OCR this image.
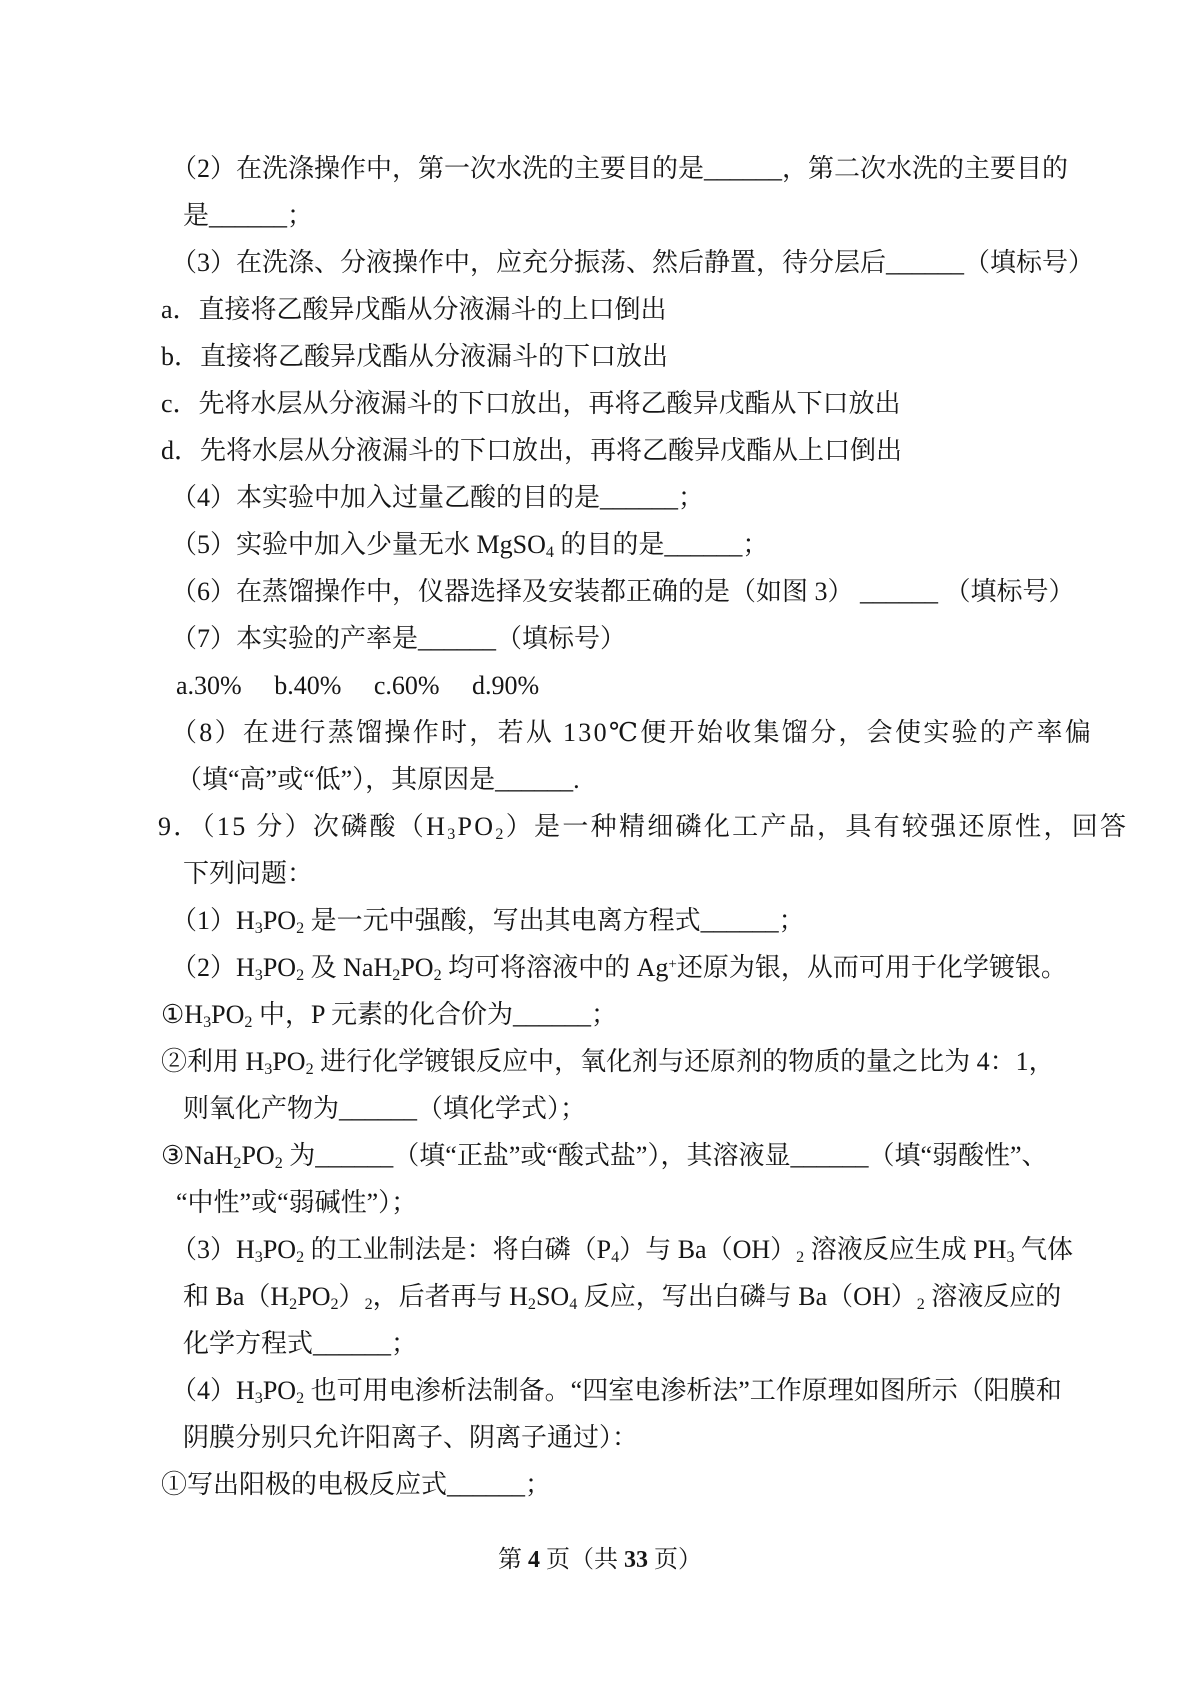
（2）在洗涤操作中，第一次水洗的主要目的是______，第二次水洗的主要目的
是______；
（3）在洗涤、分液操作中，应充分振荡、然后静置，待分层后______（填标号）
a．直接将乙酸异戊酯从分液漏斗的上口倒出
b．直接将乙酸异戊酯从分液漏斗的下口放出
c．先将水层从分液漏斗的下口放出，再将乙酸异戊酯从下口放出
d．先将水层从分液漏斗的下口放出，再将乙酸异戊酯从上口倒出
（4）本实验中加入过量乙酸的目的是______；
（5）实验中加入少量无水 MgSO$_4$ 的目的是______；
（6）在蒸馏操作中，仪器选择及安装都正确的是（如图 3） ______ （填标号）
（7）本实验的产率是______（填标号）
a.30%     b.40%     c.60%     d.90%
（8）在进行蒸馏操作时，若从 130℃便开始收集馏分，会使实验的产率偏
（填“高”或“低”），其原因是______.
9．（15 分）次磷酸$(H_3PO_2)$是一种精细磷化工产品，具有较强还原性，回答
下列问题：
$(1)H_3PO_2$ 是一元中强酸，写出其电离方程式______；
$(2)H_3PO_2$ 及 $NaH_2PO_2$ 均可将溶液中的 Ag+还原为银，从而可用于化学镀银。
$①H_3PO_2$ 中，P 元素的化合价为______；
②利用 $H_3PO_2$ 进行化学镀银反应中，氧化剂与还原剂的物质的量之比为 4：1，
则氧化产物为______（填化学式）；
$③NaH_2PO_2$ 为______（填“正盐”或“酸式盐”），其溶液显______（填“弱酸性”、
“中性”或“弱碱性”）；
$(3)H_3PO_2$ 的工业制法是：将白磷$(P_4)$与 $Ba(OH)_2$ 溶液反应生成 $PH_3$ 气体
和 $Ba(H_2PO_2)_2$，后者再与 $H_2SO_4$ 反应，写出白磷与 $Ba(OH)_2$ 溶液反应的
化学方程式______；
$(4)H_3PO_2$ 也可用电渗析法制备。“四室电渗析法”工作原理如图所示（阳膜和
阴膜分别只允许阳离子、阴离子通过）：
①写出阳极的电极反应式______；
第 4 页（共 33 页）
